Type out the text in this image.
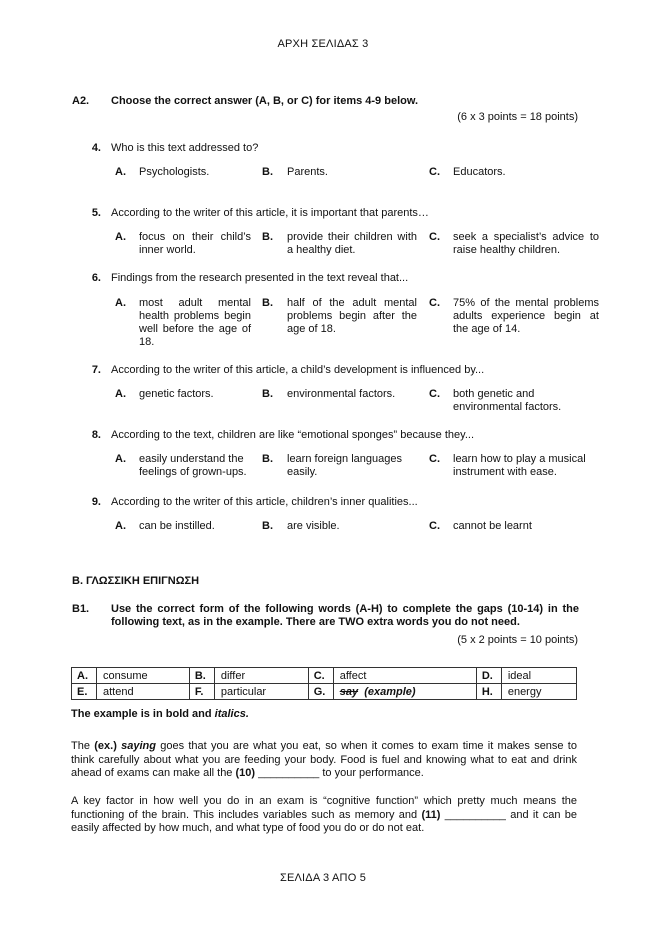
ΑΡΧΗ ΣΕΛΙΔΑΣ 3
A2. Choose the correct answer (A, B, or C) for items 4-9 below.
(6 x 3 points = 18 points)
4. Who is this text addressed to?
A. Psychologists.	B. Parents.	C. Educators.
5. According to the writer of this article, it is important that parents…
A. focus on their child’s inner world.
B. provide their children with a healthy diet.
C. seek a specialist’s advice to raise healthy children.
6. Findings from the research presented in the text reveal that...
A. most adult mental health problems begin well before the age of 18.
B. half of the adult mental problems begin after the age of 18.
C. 75% of the mental problems adults experience begin at the age of 14.
7. According to the writer of this article, a child’s development is influenced by...
A. genetic factors.	B. environmental factors.	C. both genetic and environmental factors.
8. According to the text, children are like “emotional sponges” because they...
A. easily understand the feelings of grown-ups.
B. learn foreign languages easily.
C. learn how to play a musical instrument with ease.
9. According to the writer of this article, children’s inner qualities...
A. can be instilled.	B. are visible.	C. cannot be learnt
Β. ΓΛΩΣΣΙΚΗ ΕΠΙΓΝΩΣΗ
B1. Use the correct form of the following words (A-H) to complete the gaps (10-14) in the following text, as in the example. There are TWO extra words you do not need.
(5 x 2 points = 10 points)
A.	consume	B.	differ	C.	affect	D.	ideal
E.	attend	F.	particular	G.	say (example)	H.	energy
The example is in bold and italics.
The (ex.) saying goes that you are what you eat, so when it comes to exam time it makes sense to think carefully about what you are feeding your body. Food is fuel and knowing what to eat and drink ahead of exams can make all the (10) __________ to your performance.
A key factor in how well you do in an exam is “cognitive function” which pretty much means the functioning of the brain. This includes variables such as memory and (11) __________ and it can be easily affected by how much, and what type of food you do or do not eat.
ΣΕΛΙΔΑ 3 ΑΠΟ 5
